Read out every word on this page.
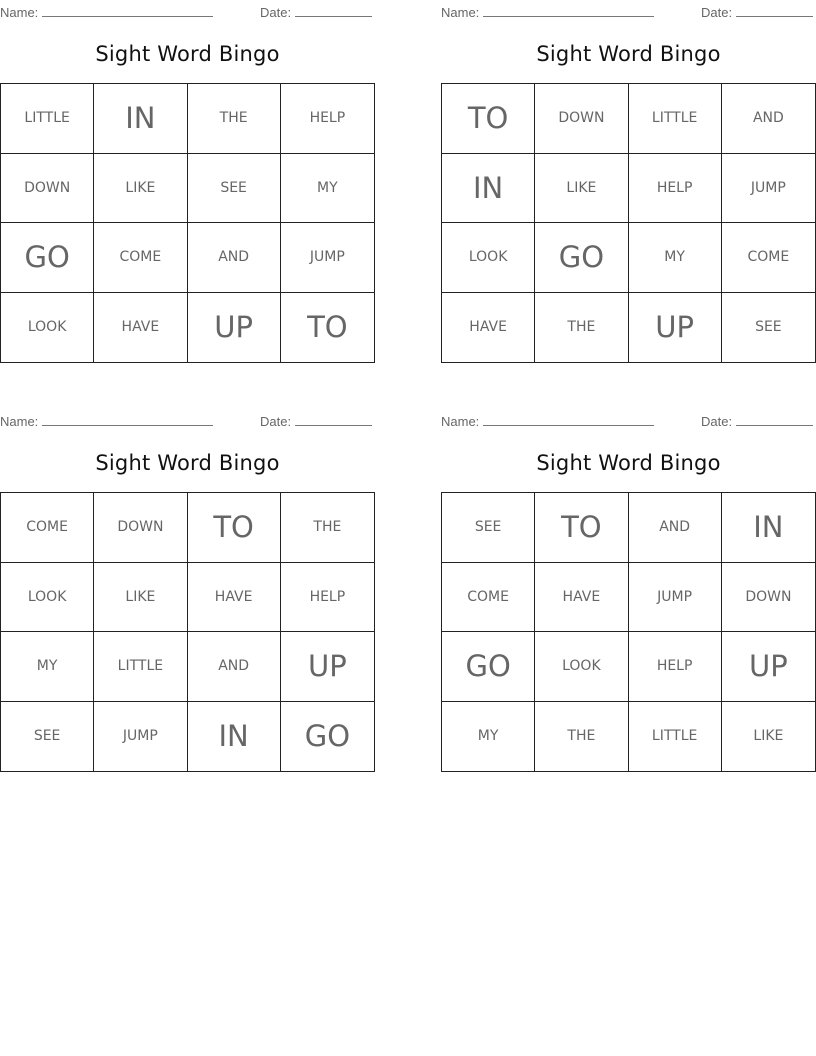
Name:	Date:
Sight Word Bingo
LITTLE	IN	THE	HELP
DOWN	LIKE	SEE	MY
GO	COME	AND	JUMP
LOOK	HAVE	UP	TO
Name:	Date:
Sight Word Bingo
TO	DOWN	LITTLE	AND
IN	LIKE	HELP	JUMP
LOOK	GO	MY	COME
HAVE	THE	UP	SEE
Name:	Date:
Sight Word Bingo
COME	DOWN	TO	THE
LOOK	LIKE	HAVE	HELP
MY	LITTLE	AND	UP
SEE	JUMP	IN	GO
Name:	Date:
Sight Word Bingo
SEE	TO	AND	IN
COME	HAVE	JUMP	DOWN
GO	LOOK	HELP	UP
MY	THE	LITTLE	LIKE
